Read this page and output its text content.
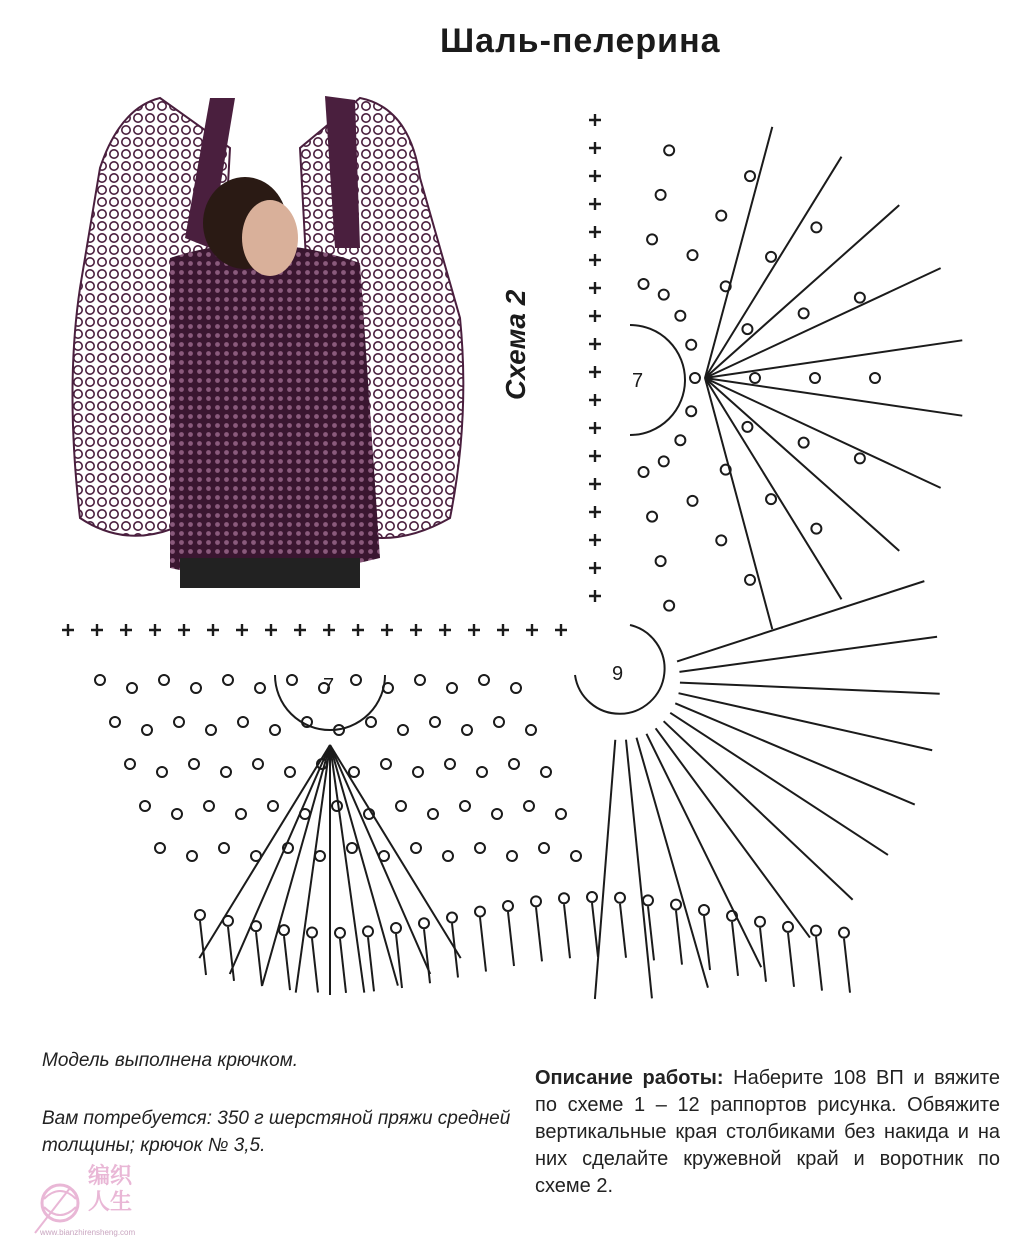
Шаль-пелерина
7
9
7
Схема 2
Модель выполнена крючком.
Вам потребуется: 350 г шерстяной пряжи средней толщины; крючок № 3,5.
Описание работы: Наберите 108 ВП и вяжите по схеме 1 – 12 раппортов рисунка. Обвяжите вертикальные края столбиками без накида и на них сделайте кружевной край и воротник по схеме 2.
编织
人生
www.bianzhirensheng.com
